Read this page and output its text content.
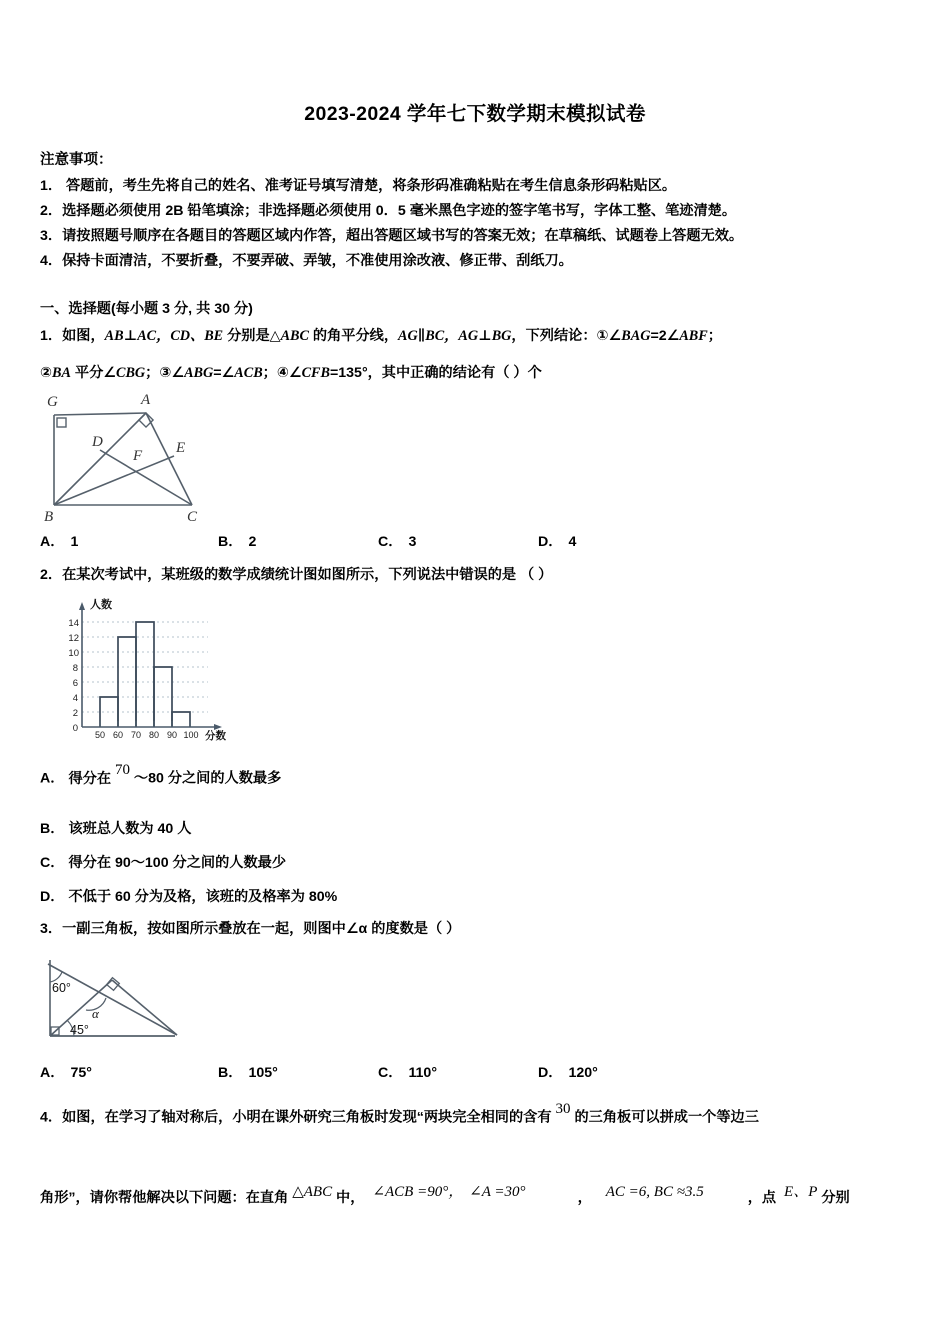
2023-2024 学年七下数学期末模拟试卷
注意事项：
1． 答题前，考生先将自己的姓名、准考证号填写清楚，将条形码准确粘贴在考生信息条形码粘贴区。
2．选择题必须使用 2B 铅笔填涂；非选择题必须使用 0．5 毫米黑色字迹的签字笔书写，字体工整、笔迹清楚。
3．请按照题号顺序在各题目的答题区域内作答，超出答题区域书写的答案无效；在草稿纸、试题卷上答题无效。
4．保持卡面清洁，不要折叠，不要弄破、弄皱，不准使用涂改液、修正带、刮纸刀。
一、选择题(每小题 3 分, 共 30 分)
1．如图，AB⊥AC，CD、BE 分别是△ABC 的角平分线，AG∥BC，AG⊥BG，下列结论：①∠BAG=2∠ABF；
②BA 平分∠CBG；③∠ABG=∠ACB；④∠CFB=135°，其中正确的结论有（ ）个
G	A
B	C
D	E
F
A． 1	B． 2	C． 3	D． 4
2．在某次考试中，某班级的数学成绩统计图如图所示，下列说法中错误的是 （ ）
0
2
4
6
8
10
12
14
人数
50 60 70 80 90 100 分数
A． 得分在 70 ～80 分之间的人数最多
B． 该班总人数为 40 人
C． 得分在 90～100 分之间的人数最少
D． 不低于 60 分为及格，该班的及格率为 80%
3．一副三角板，按如图所示叠放在一起，则图中∠α 的度数是（ ）
60°
45°
α
A． 75°	B． 105°	C． 110°	D． 120°
4．如图，在学习了轴对称后，小明在课外研究三角板时发现“两块完全相同的含有 30 的三角板可以拼成一个等边三
角形”，请你帮他解决以下问题：在直角 △ABC 中， ∠ACB =90°， ∠A =30°	， AC =6, BC ≈3.5	，点 E、P 分别
